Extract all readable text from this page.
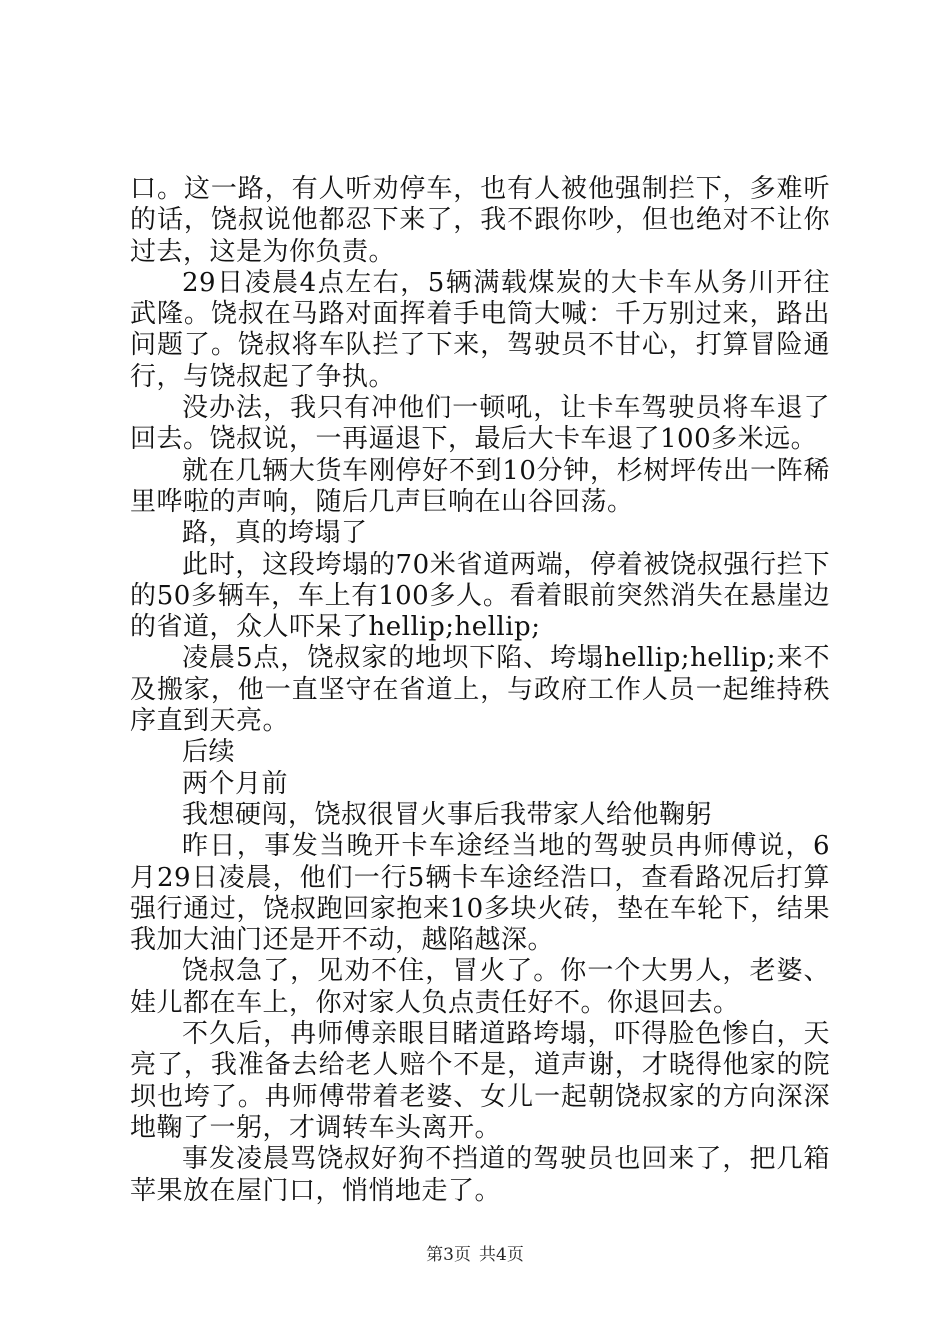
口。这一路，有人听劝停车，也有人被他强制拦下，多难听的话，饶叔说他都忍下来了，我不跟你吵，但也绝对不让你过去，这是为你负责。

29日凌晨4点左右，5辆满载煤炭的大卡车从务川开往武隆。饶叔在马路对面挥着手电筒大喊：千万别过来，路出问题了。饶叔将车队拦了下来，驾驶员不甘心，打算冒险通行，与饶叔起了争执。

没办法，我只有冲他们一顿吼，让卡车驾驶员将车退了回去。饶叔说，一再逼退下，最后大卡车退了100多米远。

就在几辆大货车刚停好不到10分钟，杉树坪传出一阵稀里哗啦的声响，随后几声巨响在山谷回荡。

路，真的垮塌了

此时，这段垮塌的70米省道两端，停着被饶叔强行拦下的50多辆车，车上有100多人。看着眼前突然消失在悬崖边的省道，众人吓呆了hellip;hellip;

凌晨5点，饶叔家的地坝下陷、垮塌hellip;hellip;来不及搬家，他一直坚守在省道上，与政府工作人员一起维持秩序直到天亮。

后续

两个月前

我想硬闯，饶叔很冒火事后我带家人给他鞠躬

昨日，事发当晚开卡车途经当地的驾驶员冉师傅说，6月29日凌晨，他们一行5辆卡车途经浩口，查看路况后打算强行通过，饶叔跑回家抱来10多块火砖，垫在车轮下，结果我加大油门还是开不动，越陷越深。

饶叔急了，见劝不住，冒火了。你一个大男人，老婆、娃儿都在车上，你对家人负点责任好不。你退回去。

不久后，冉师傅亲眼目睹道路垮塌，吓得脸色惨白，天亮了，我准备去给老人赔个不是，道声谢，才晓得他家的院坝也垮了。冉师傅带着老婆、女儿一起朝饶叔家的方向深深地鞠了一躬，才调转车头离开。

事发凌晨骂饶叔好狗不挡道的驾驶员也回来了，把几箱苹果放在屋门口，悄悄地走了。

第3页 共4页
